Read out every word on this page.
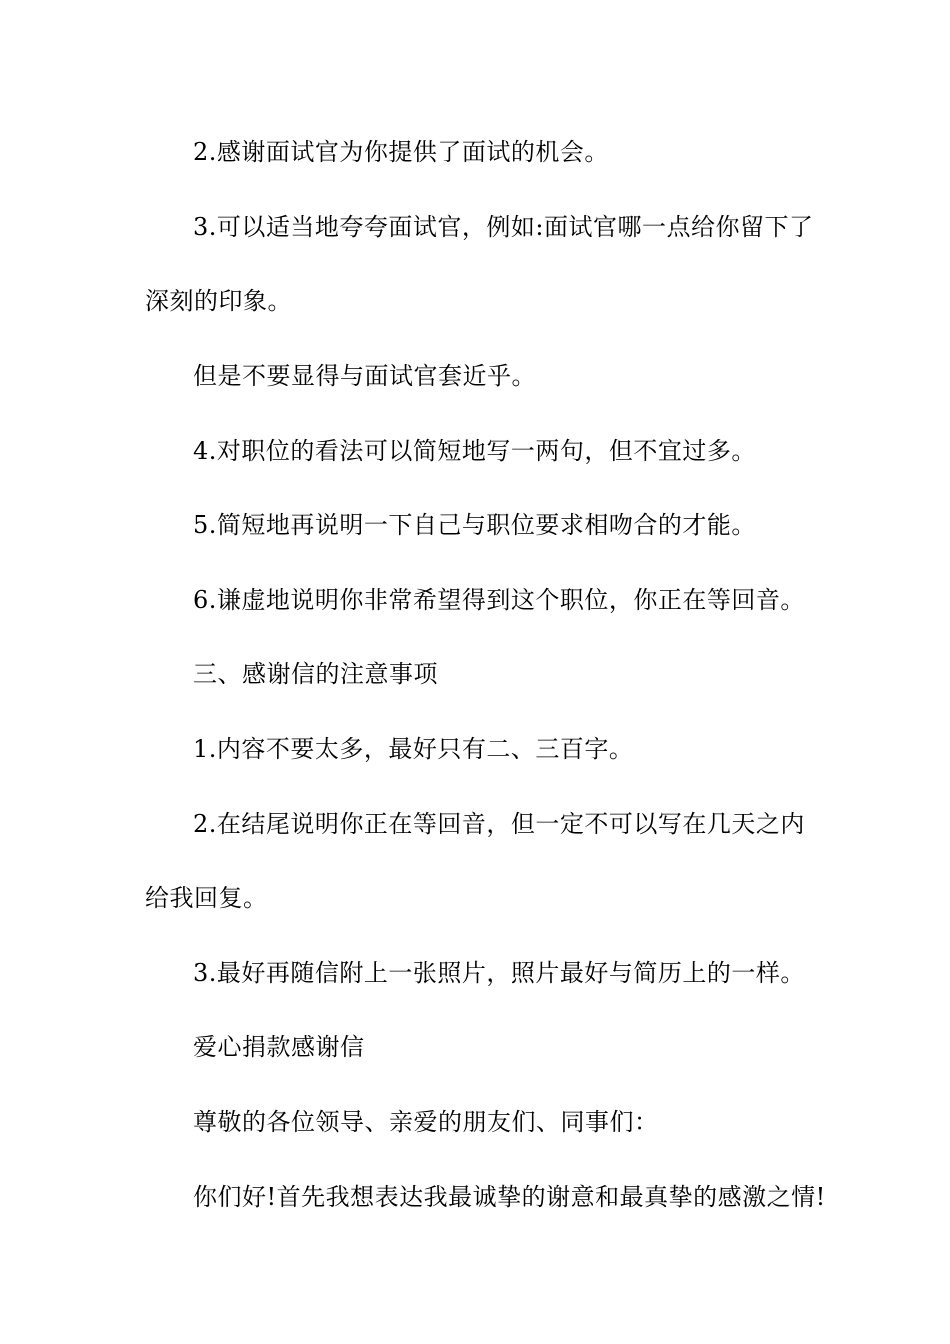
2.感谢面试官为你提供了面试的机会。
3.可以适当地夸夸面试官，例如:面试官哪一点给你留下了
深刻的印象。
但是不要显得与面试官套近乎。
4.对职位的看法可以简短地写一两句，但不宜过多。
5.简短地再说明一下自己与职位要求相吻合的才能。
6.谦虚地说明你非常希望得到这个职位，你正在等回音。
三、感谢信的注意事项
1.内容不要太多，最好只有二、三百字。
2.在结尾说明你正在等回音，但一定不可以写在几天之内
给我回复。
3.最好再随信附上一张照片，照片最好与简历上的一样。
爱心捐款感谢信
尊敬的各位领导、亲爱的朋友们、同事们：
你们好!首先我想表达我最诚挚的谢意和最真挚的感激之情!
